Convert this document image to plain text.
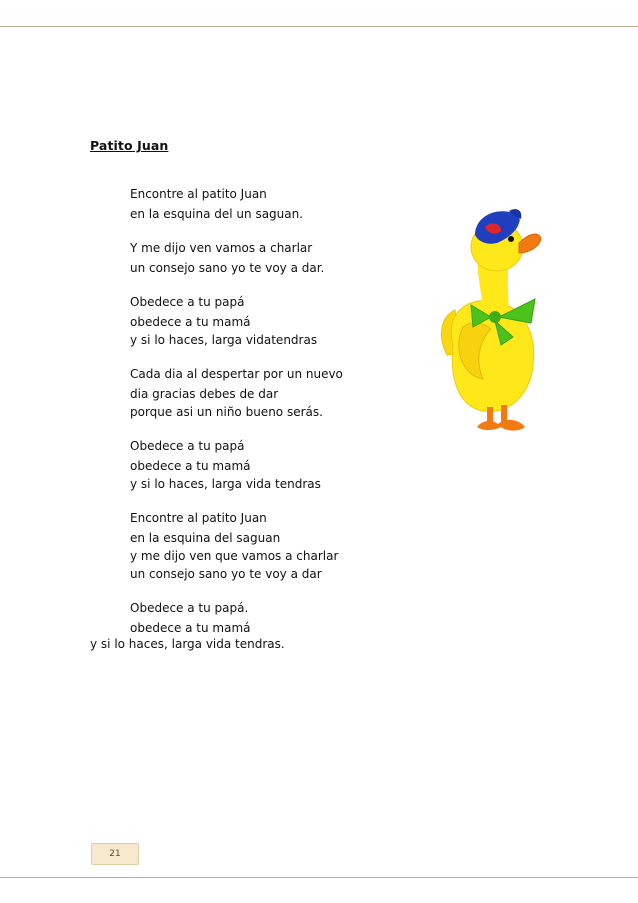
Patito Juan
Encontre al patito Juan
en la esquina del un saguan.
Y me dijo ven vamos a charlar
un consejo sano yo te voy a dar.
Obedece a tu papá
obedece a tu mamá
y si lo haces, larga vidatendras
Cada dia al despertar por un nuevo
dia gracias debes de dar
porque asi un niño bueno serás.
Obedece a tu papá
obedece a tu mamá
y si lo haces, larga vida tendras
Encontre al patito Juan
en la esquina del saguan
y me dijo ven que vamos a charlar
un consejo sano yo te voy a dar
Obedece a tu papá.
obedece a tu mamá
y si lo haces, larga vida tendras.
21
